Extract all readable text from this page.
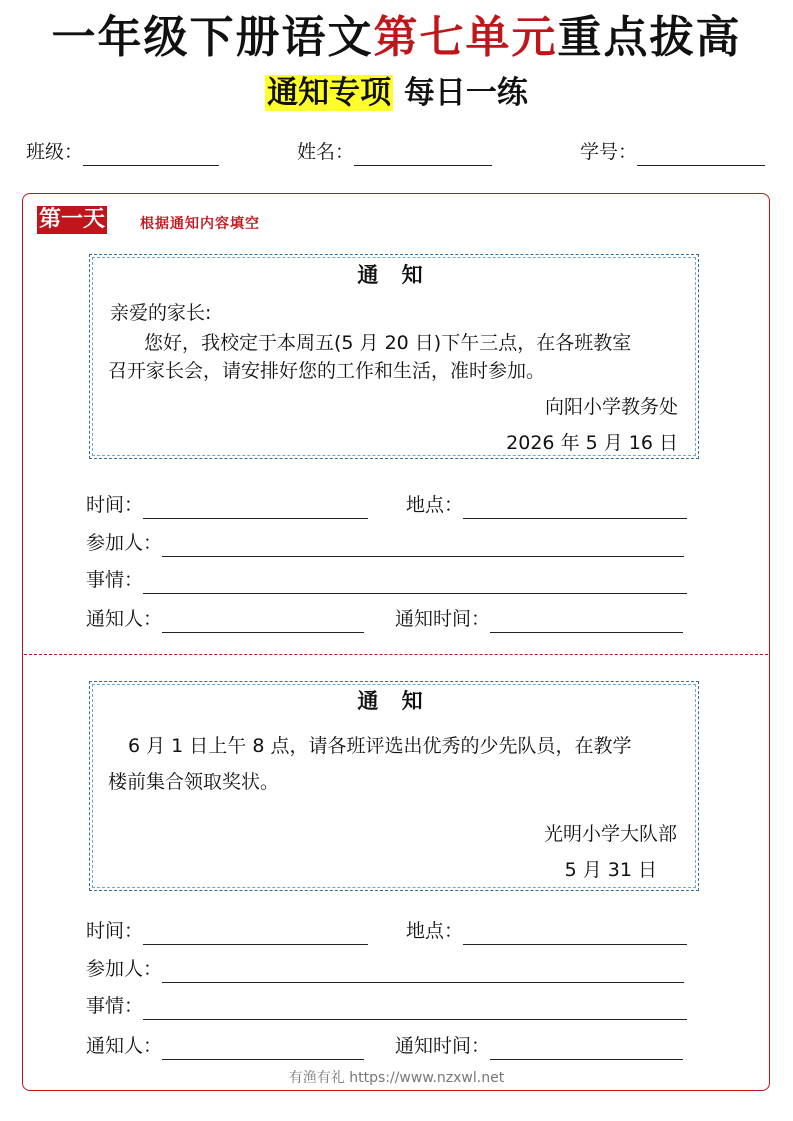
一年级下册语文第七单元重点拔高
通知专项 每日一练
班级：	姓名：	学号：
第一天 根据通知内容填空
通 知
亲爱的家长:
您好，我校定于本周五(5 月 20 日)下午三点，在各班教室
召开家长会，请安排好您的工作和生活，准时参加。
向阳小学教务处
2026 年 5 月 16 日
时间：	地点：
参加人：
事情：
通知人：	通知时间：
通 知
6 月 1 日上午 8 点，请各班评选出优秀的少先队员，在教学
楼前集合领取奖状。
光明小学大队部
5 月 31 日
时间：	地点：
参加人：
事情：
通知人：	通知时间：
有渔有礼 https://www.nzxwl.net
